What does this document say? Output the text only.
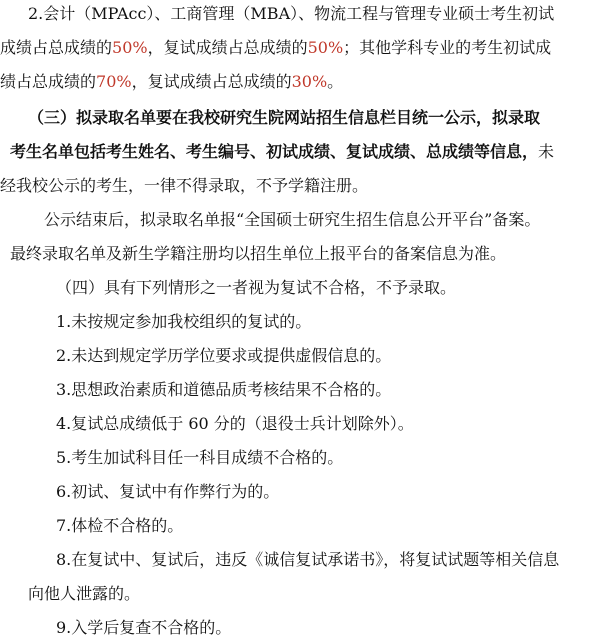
2.会计（MPAcc）、工商管理（MBA）、物流工程与管理专业硕士考生初试
成绩占总成绩的50%，复试成绩占总成绩的50%；其他学科专业的考生初试成
绩占总成绩的70%，复试成绩占总成绩的30%。
（三）拟录取名单要在我校研究生院网站招生信息栏目统一公示，拟录取
考生名单包括考生姓名、考生编号、初试成绩、复试成绩、总成绩等信息，未
经我校公示的考生，一律不得录取，不予学籍注册。
公示结束后，拟录取名单报“全国硕士研究生招生信息公开平台”备案。
最终录取名单及新生学籍注册均以招生单位上报平台的备案信息为准。
（四）具有下列情形之一者视为复试不合格，不予录取。
1.未按规定参加我校组织的复试的。
2.未达到规定学历学位要求或提供虚假信息的。
3.思想政治素质和道德品质考核结果不合格的。
4.复试总成绩低于 60 分的（退役士兵计划除外）。
5.考生加试科目任一科目成绩不合格的。
6.初试、复试中有作弊行为的。
7.体检不合格的。
8.在复试中、复试后，违反《诚信复试承诺书》，将复试试题等相关信息
向他人泄露的。
9.入学后复查不合格的。
